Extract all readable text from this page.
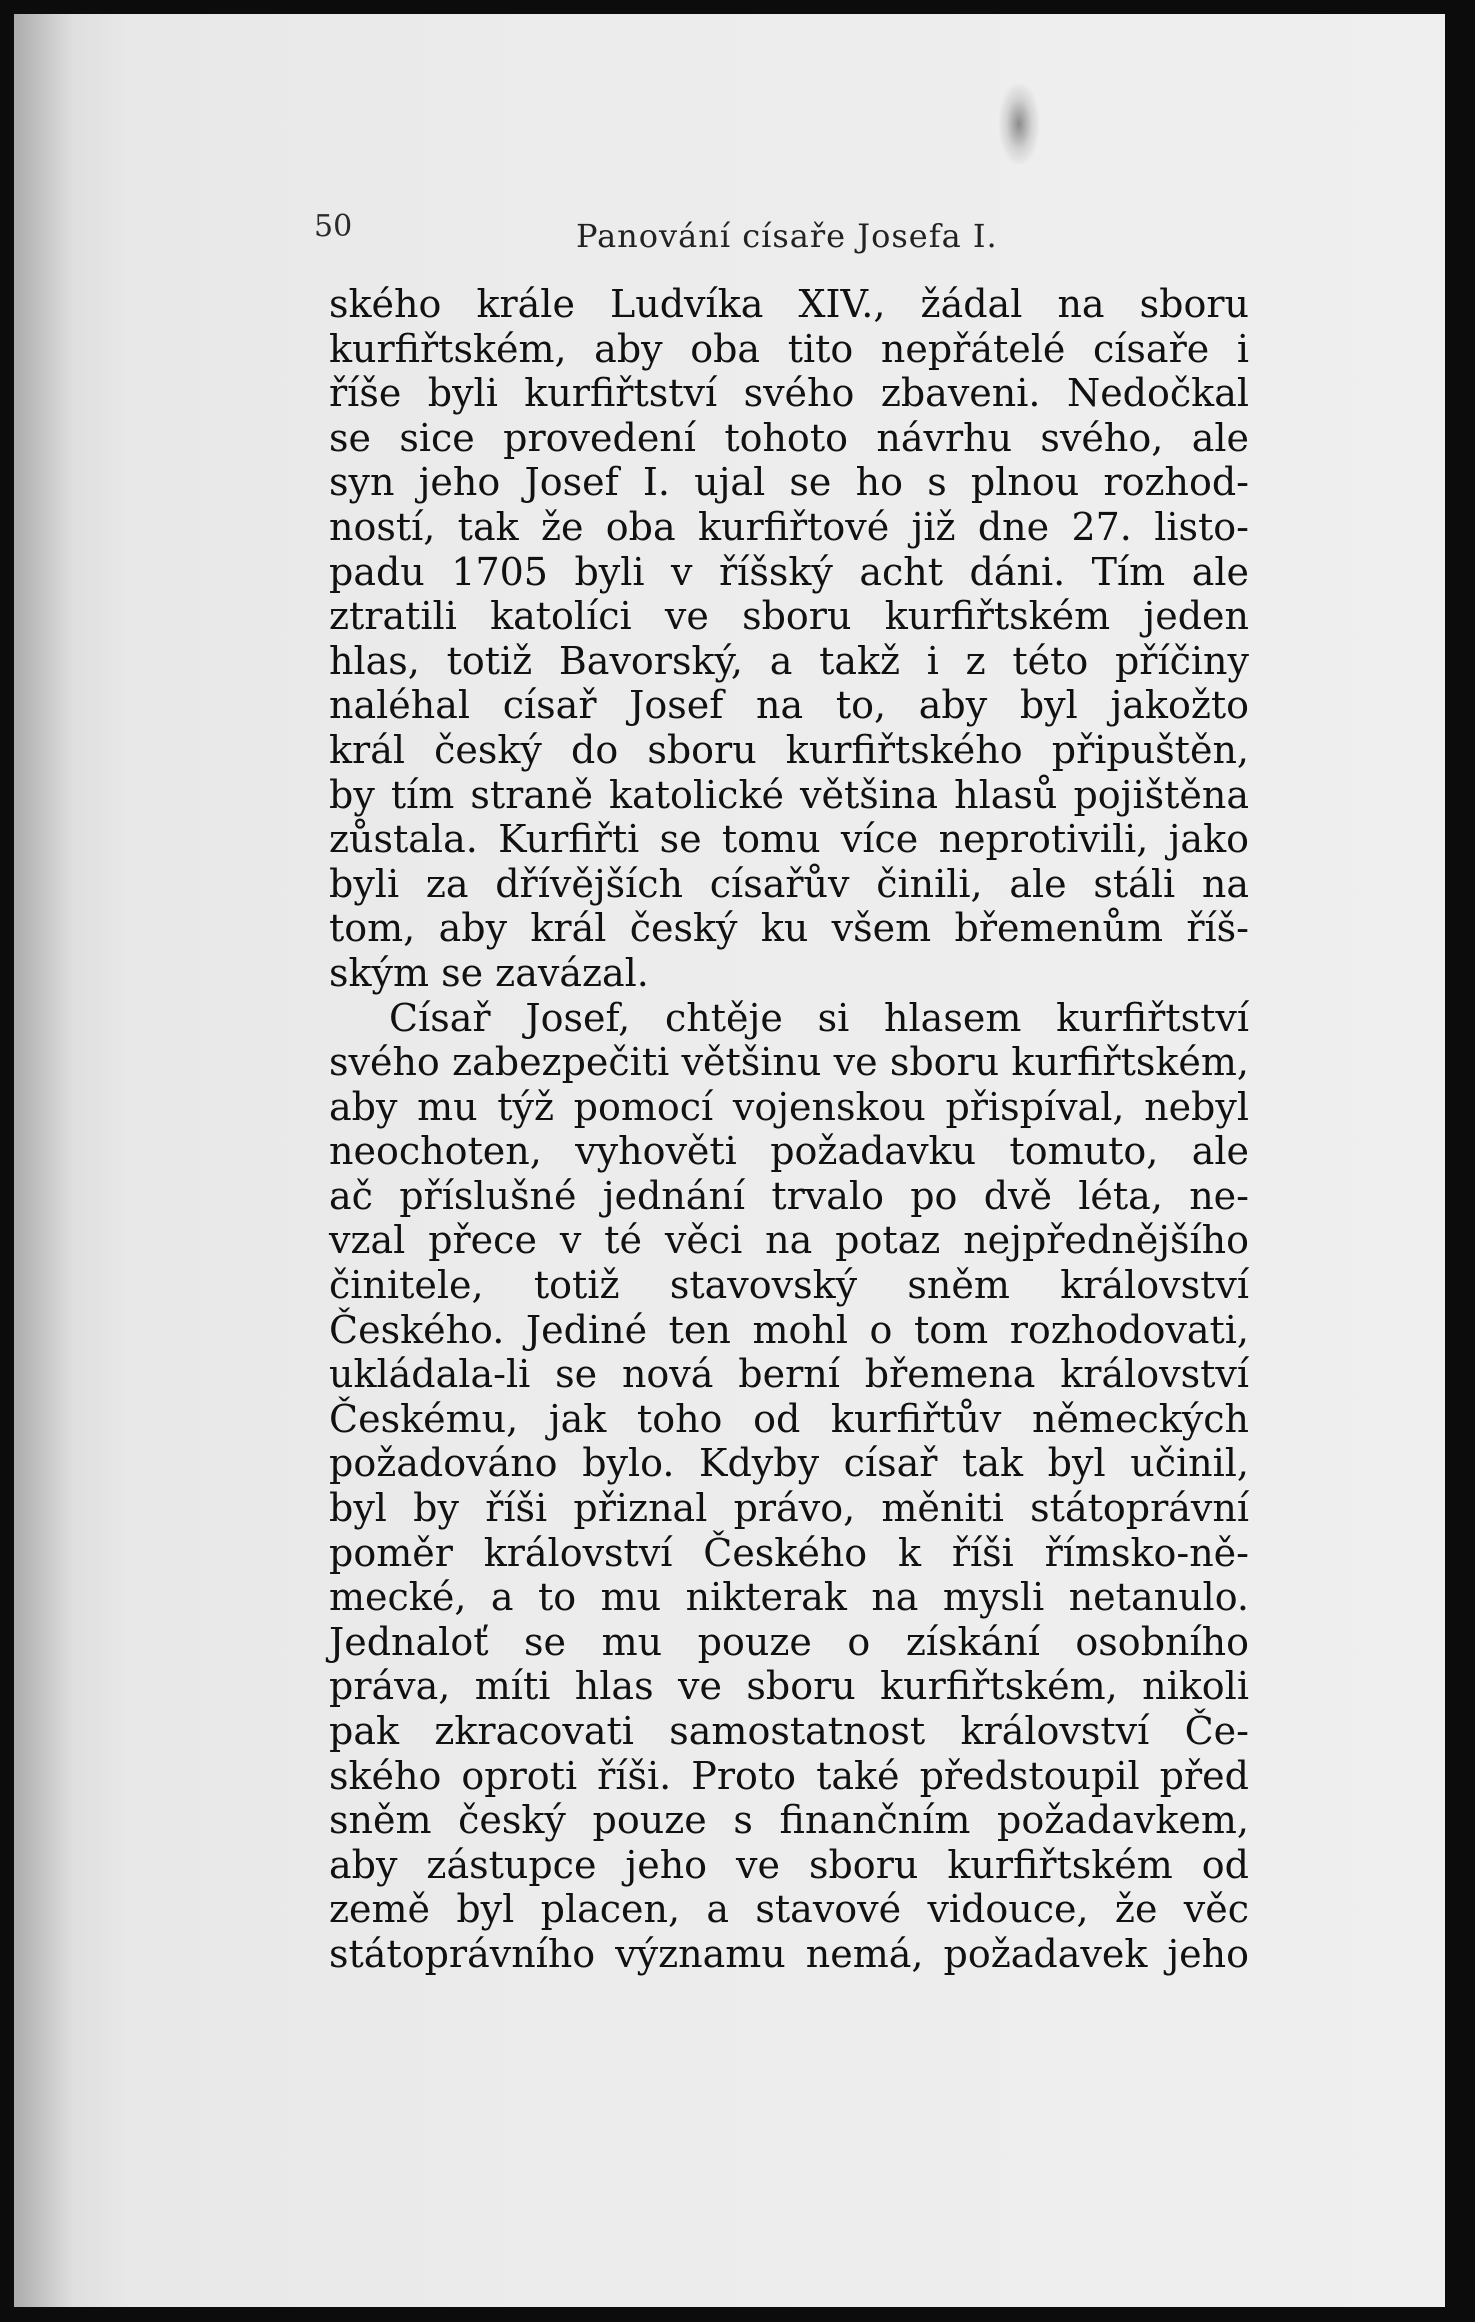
50	Panování císaře Josefa I.
ského krále Ludvíka XIV., žádal na sboru
kurfiřtském, aby oba tito nepřátelé císaře i
říše byli kurfiřtství svého zbaveni. Nedočkal
se sice provedení tohoto návrhu svého, ale
syn jeho Josef I. ujal se ho s plnou rozhod-
ností, tak že oba kurfiřtové již dne 27. listo-
padu 1705 byli v říšský acht dáni. Tím ale
ztratili katolíci ve sboru kurfiřtském jeden
hlas, totiž Bavorský, a takž i z této příčiny
naléhal císař Josef na to, aby byl jakožto
král český do sboru kurfiřtského připuštěn,
by tím straně katolické většina hlasů pojištěna
zůstala. Kurfiřti se tomu více neprotivili, jako
byli za dřívějších císařův činili, ale stáli na
tom, aby král český ku všem břemenům říš-
ským se zavázal.
Císař Josef, chtěje si hlasem kurfiřtství
svého zabezpečiti většinu ve sboru kurfiřtském,
aby mu týž pomocí vojenskou přispíval, nebyl
neochoten, vyhověti požadavku tomuto, ale
ač příslušné jednání trvalo po dvě léta, ne-
vzal přece v té věci na potaz nejpřednějšího
činitele, totiž stavovský sněm království
Českého. Jediné ten mohl o tom rozhodovati,
ukládala-li se nová berní břemena království
Českému, jak toho od kurfiřtův německých
požadováno bylo. Kdyby císař tak byl učinil,
byl by říši přiznal právo, měniti státoprávní
poměr království Českého k říši římsko-ně-
mecké, a to mu nikterak na mysli netanulo.
Jednaloť se mu pouze o získání osobního
práva, míti hlas ve sboru kurfiřtském, nikoli
pak zkracovati samostatnost království Če-
ského oproti říši. Proto také předstoupil před
sněm český pouze s finančním požadavkem,
aby zástupce jeho ve sboru kurfiřtském od
země byl placen, a stavové vidouce, že věc
státoprávního významu nemá, požadavek jeho
